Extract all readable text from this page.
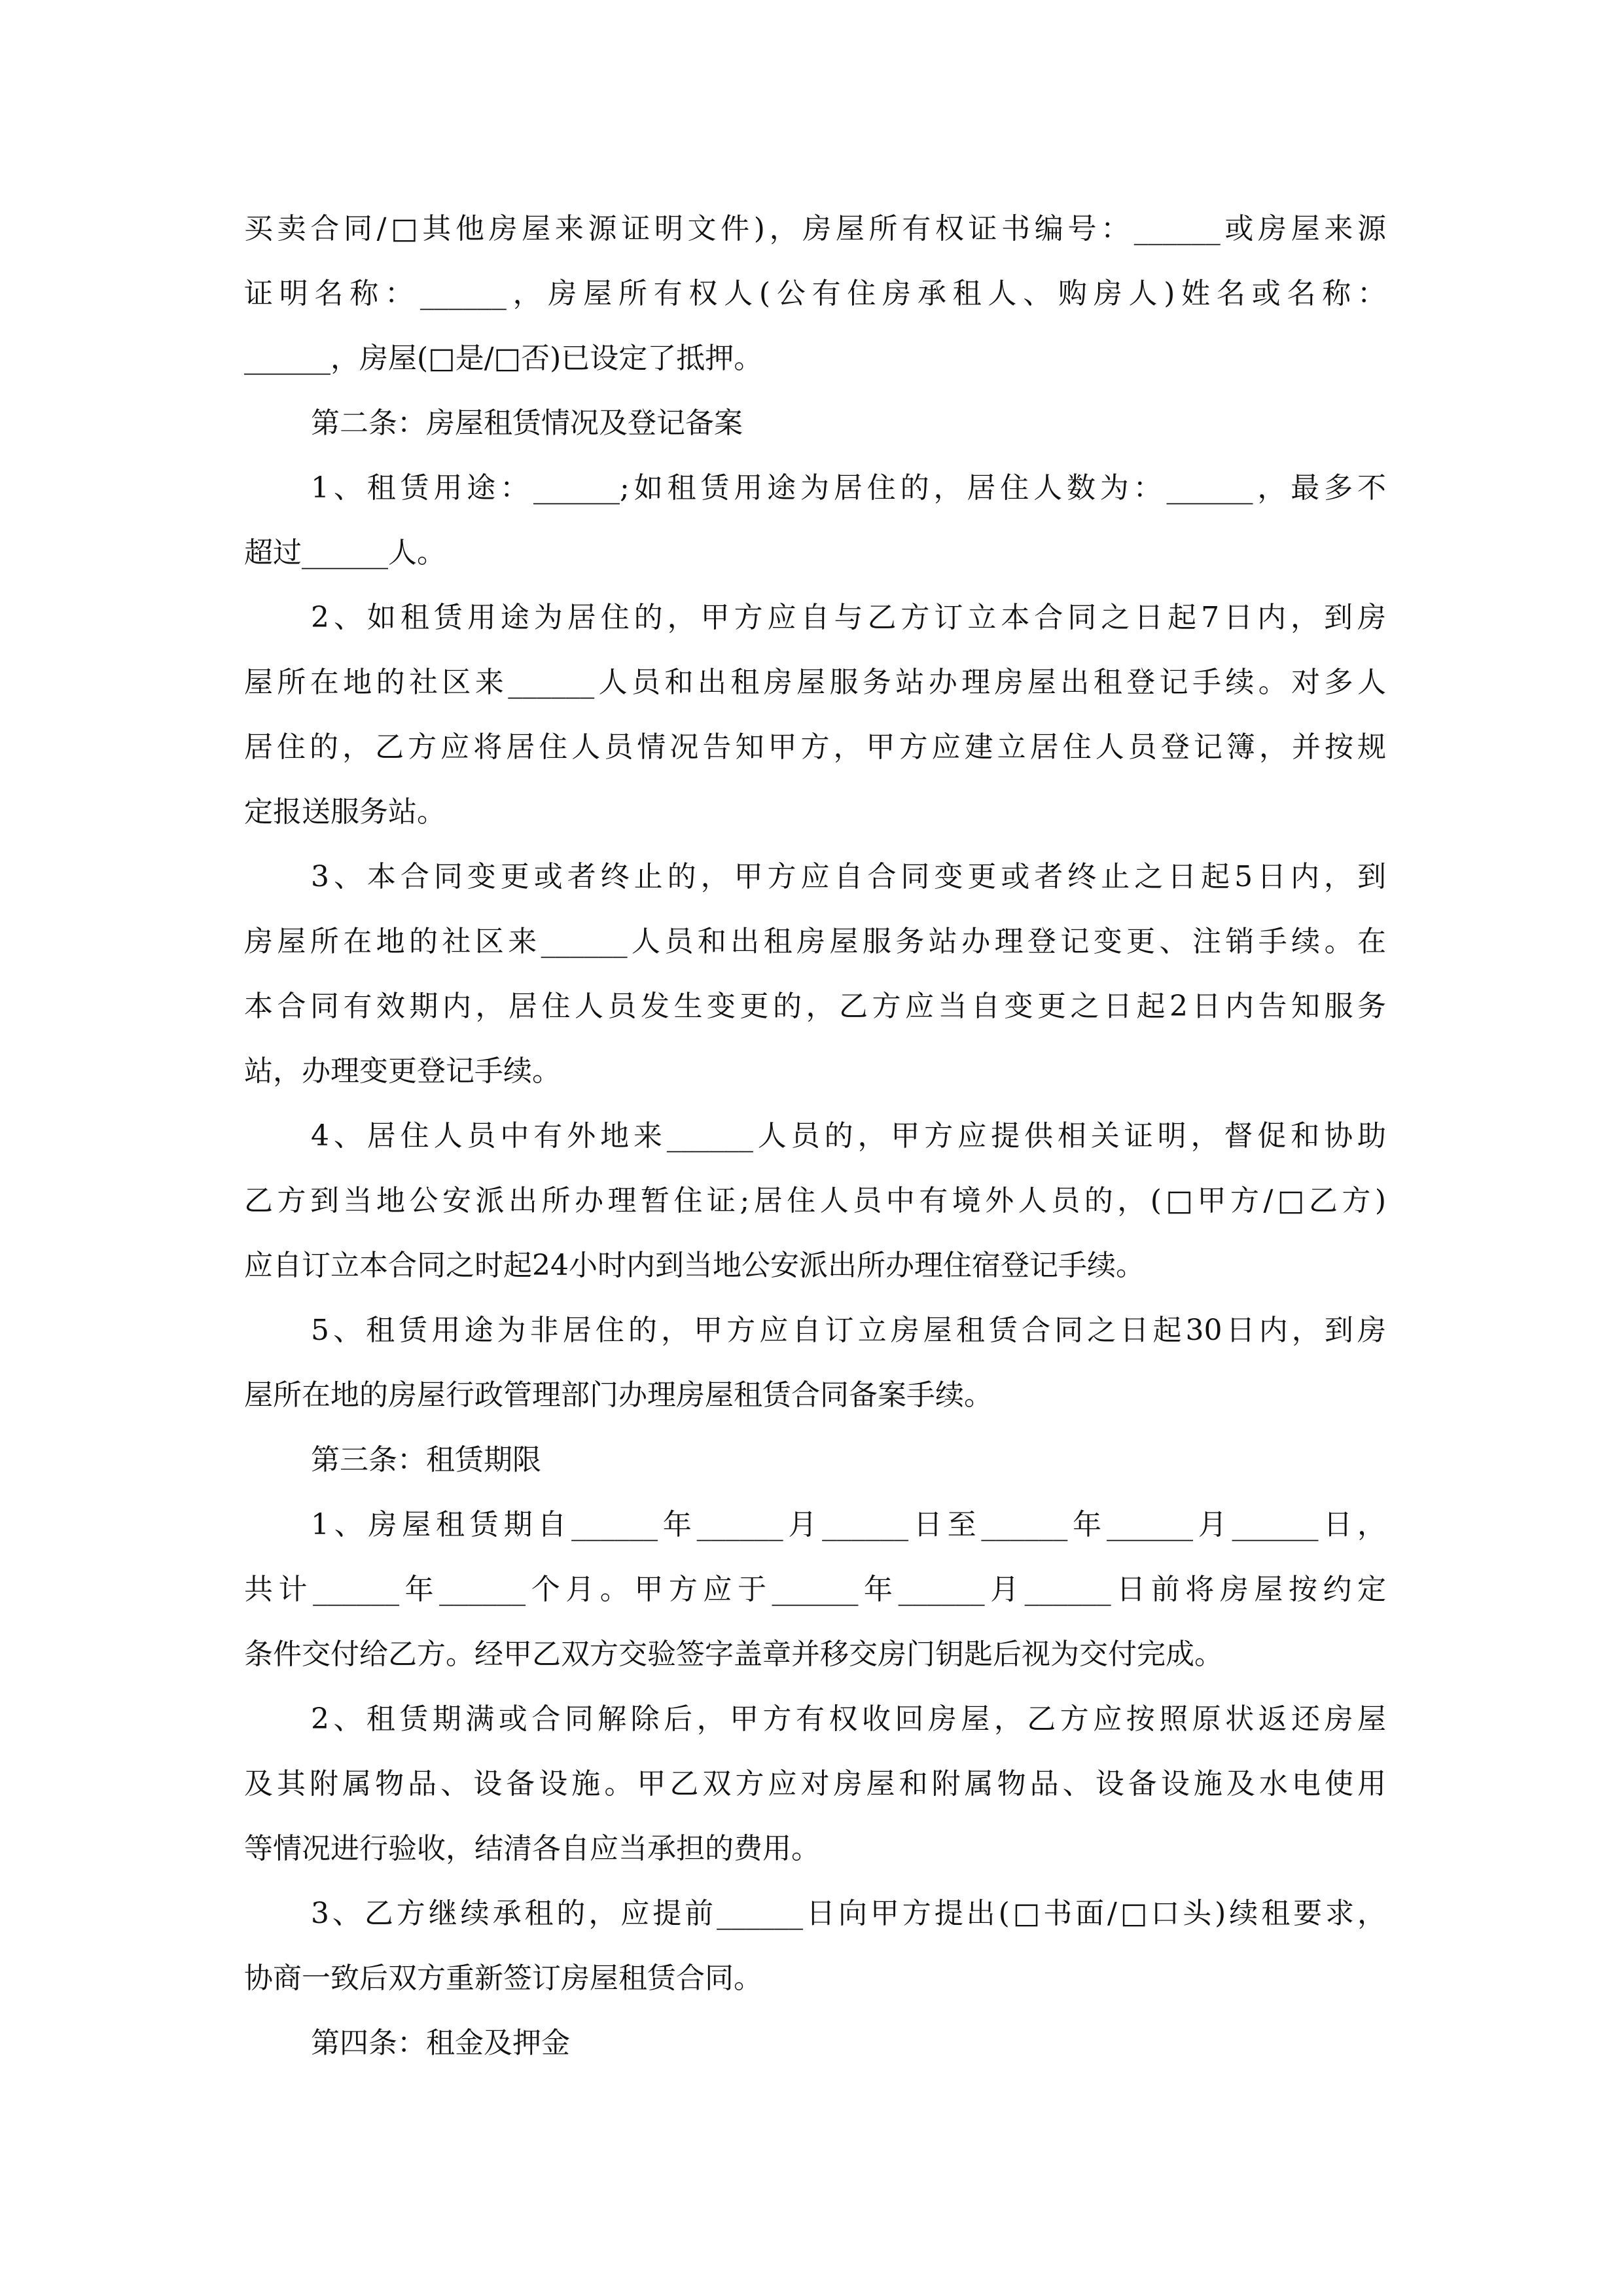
买卖合同/□其他房屋来源证明文件)，房屋所有权证书编号：______或房屋来源
证明名称：______，房屋所有权人(公有住房承租人、购房人)姓名或名称：
______，房屋(□是/□否)已设定了抵押。
第二条：房屋租赁情况及登记备案
1、租赁用途：______;如租赁用途为居住的，居住人数为：______，最多不
超过______人。
2、如租赁用途为居住的，甲方应自与乙方订立本合同之日起7日内，到房
屋所在地的社区来______人员和出租房屋服务站办理房屋出租登记手续。对多人
居住的，乙方应将居住人员情况告知甲方，甲方应建立居住人员登记簿，并按规
定报送服务站。
3、本合同变更或者终止的，甲方应自合同变更或者终止之日起5日内，到
房屋所在地的社区来______人员和出租房屋服务站办理登记变更、注销手续。在
本合同有效期内，居住人员发生变更的，乙方应当自变更之日起2日内告知服务
站，办理变更登记手续。
4、居住人员中有外地来______人员的，甲方应提供相关证明，督促和协助
乙方到当地公安派出所办理暂住证;居住人员中有境外人员的，(□甲方/□乙方)
应自订立本合同之时起24小时内到当地公安派出所办理住宿登记手续。
5、租赁用途为非居住的，甲方应自订立房屋租赁合同之日起30日内，到房
屋所在地的房屋行政管理部门办理房屋租赁合同备案手续。
第三条：租赁期限
1、房屋租赁期自______年______月______日至______年______月______日，
共计______年______个月。甲方应于______年______月______日前将房屋按约定
条件交付给乙方。经甲乙双方交验签字盖章并移交房门钥匙后视为交付完成。
2、租赁期满或合同解除后，甲方有权收回房屋，乙方应按照原状返还房屋
及其附属物品、设备设施。甲乙双方应对房屋和附属物品、设备设施及水电使用
等情况进行验收，结清各自应当承担的费用。
3、乙方继续承租的，应提前______日向甲方提出(□书面/□口头)续租要求，
协商一致后双方重新签订房屋租赁合同。
第四条：租金及押金
